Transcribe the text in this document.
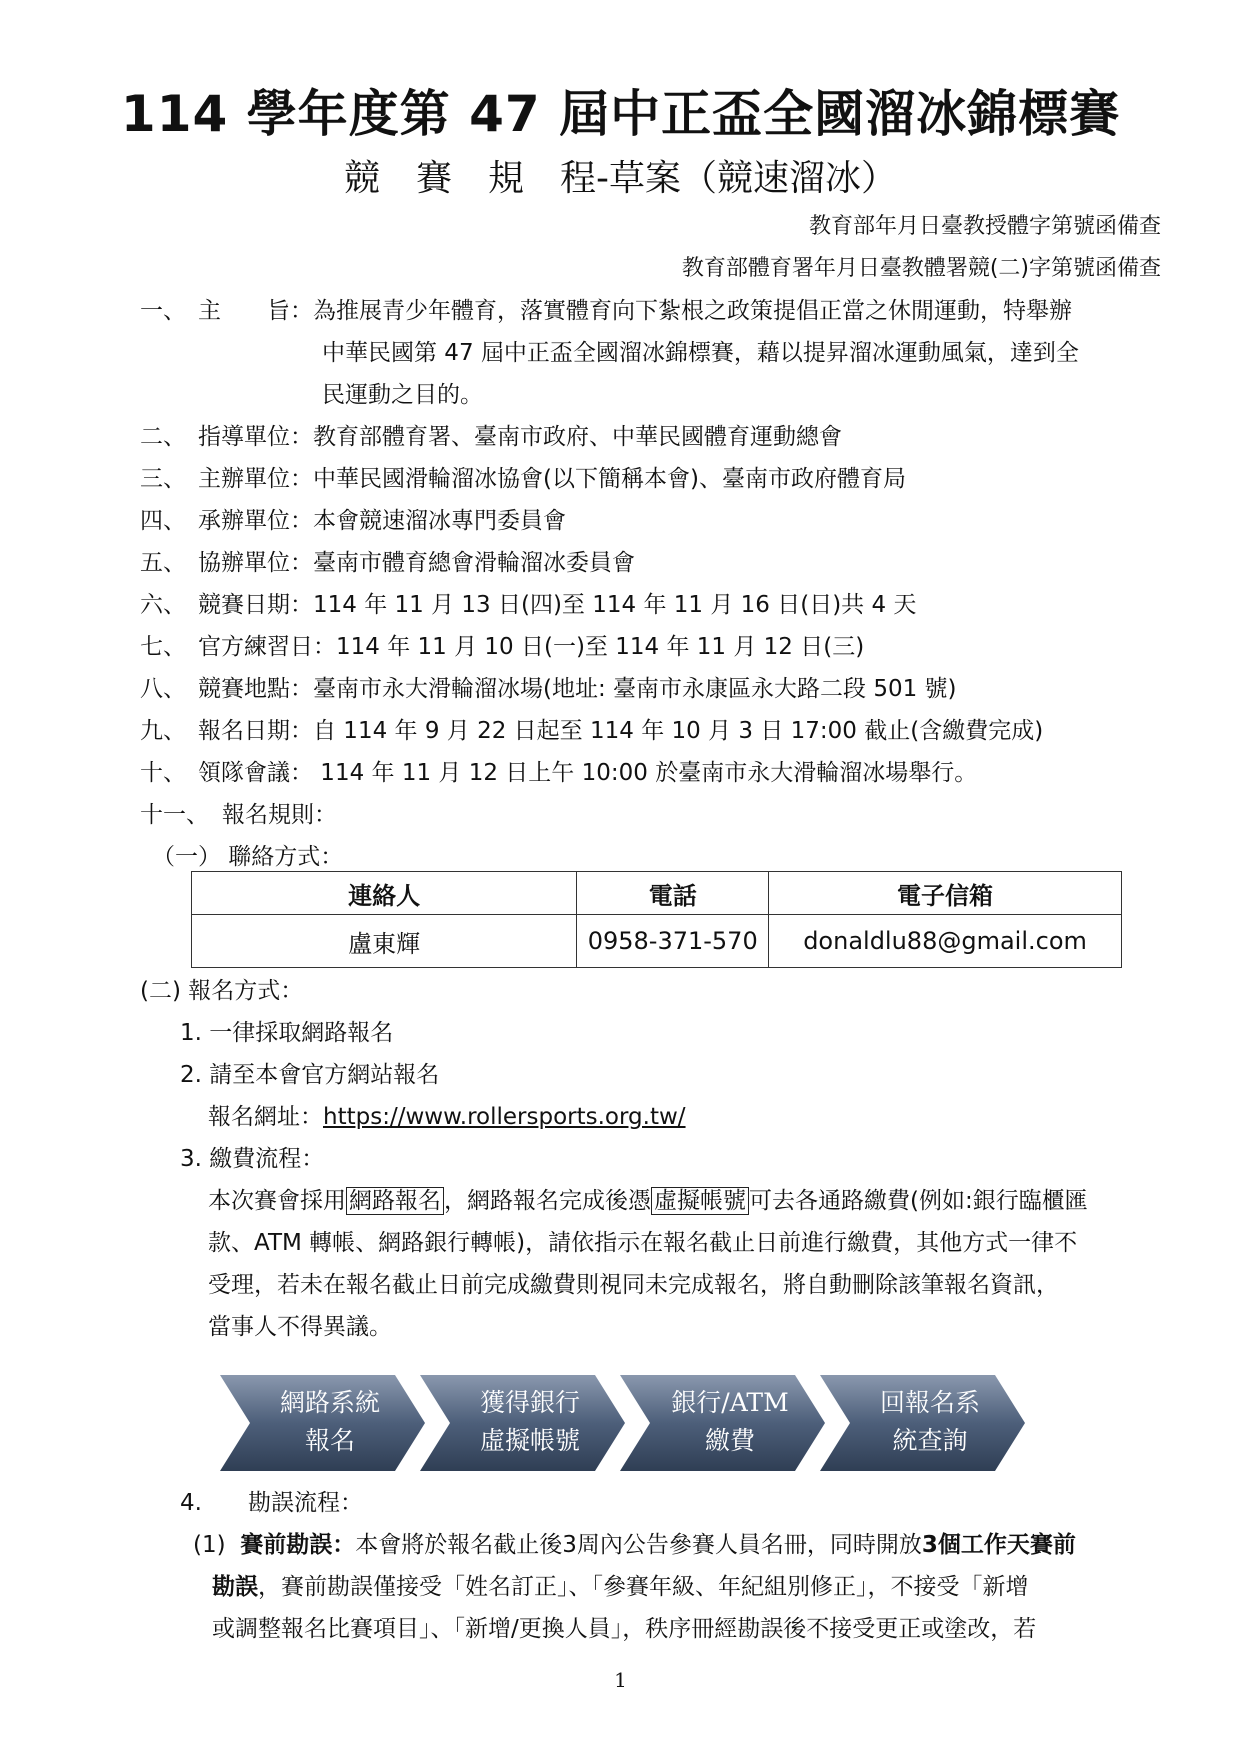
114 學年度第 47 屆中正盃全國溜冰錦標賽
競　賽　規　程-草案（競速溜冰）
教育部年月日臺教授體字第號函備查
教育部體育署年月日臺教體署競(二)字第號函備查
一、 主　　旨：為推展青少年體育，落實體育向下紮根之政策提倡正當之休閒運動，特舉辦
中華民國第 47 屆中正盃全國溜冰錦標賽，藉以提昇溜冰運動風氣，達到全
民運動之目的。
二、 指導單位：教育部體育署、臺南市政府、中華民國體育運動總會
三、 主辦單位：中華民國滑輪溜冰協會(以下簡稱本會)、臺南市政府體育局
四、 承辦單位：本會競速溜冰專門委員會
五、 協辦單位：臺南市體育總會滑輪溜冰委員會
六、 競賽日期：114 年 11 月 13 日(四)至 114 年 11 月 16 日(日)共 4 天
七、 官方練習日：114 年 11 月 10 日(一)至 114 年 11 月 12 日(三)
八、 競賽地點：臺南市永大滑輪溜冰場(地址: 臺南市永康區永大路二段 501 號)
九、 報名日期：自 114 年 9 月 22 日起至 114 年 10 月 3 日 17:00 截止(含繳費完成)
十、 領隊會議： 114 年 11 月 12 日上午 10:00 於臺南市永大滑輪溜冰場舉行。
十一、 報名規則：
（一） 聯絡方式：
連絡人	電話	電子信箱
盧東輝	0958-371-570	donaldlu88@gmail.com
(二) 報名方式：
1. 一律採取網路報名
2. 請至本會官方網站報名
報名網址：https://www.rollersports.org.tw/
3. 繳費流程：
本次賽會採用 網路報名 ，網路報名完成後憑 虛擬帳號 可去各通路繳費(例如:銀行臨櫃匯
款、ATM 轉帳、網路銀行轉帳)，請依指示在報名截止日前進行繳費，其他方式一律不
受理，若未在報名截止日前完成繳費則視同未完成報名，將自動刪除該筆報名資訊，
當事人不得異議。
網路系統
報名
獲得銀行
虛擬帳號
銀行/ATM
繳費
回報名系
統查詢
4.　　勘誤流程：
(1) 賽前勘誤：本會將於報名截止後3周內公告參賽人員名冊，同時開放3個工作天賽前
勘誤，賽前勘誤僅接受「姓名訂正」、「參賽年級、年紀組別修正」，不接受「新增
或調整報名比賽項目」、「新增/更換人員」，秩序冊經勘誤後不接受更正或塗改，若
1
